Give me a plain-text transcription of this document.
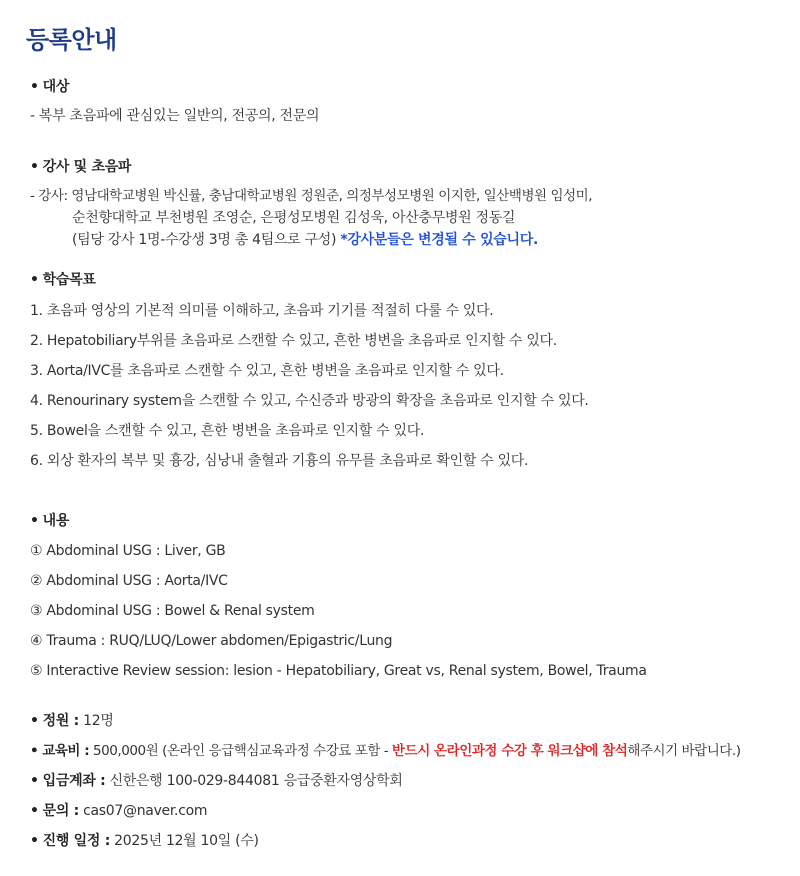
등록안내
• 대상
- 복부 초음파에 관심있는 일반의, 전공의, 전문의
• 강사 및 초음파
- 강사: 영남대학교병원 박신률, 충남대학교병원 정원준, 의정부성모병원 이지한, 일산백병원 임성미,
순천향대학교 부천병원 조영순, 은평성모병원 김성욱, 아산충무병원 정동길
(팀당 강사 1명-수강생 3명 총 4팀으로 구성) *강사분들은 변경될 수 있습니다.
• 학습목표
1. 초음파 영상의 기본적 의미를 이해하고, 초음파 기기를 적절히 다룰 수 있다.
2. Hepatobiliary부위를 초음파로 스캔할 수 있고, 흔한 병변을 초음파로 인지할 수 있다.
3. Aorta/IVC를 초음파로 스캔할 수 있고, 흔한 병변을 초음파로 인지할 수 있다.
4. Renourinary system을 스캔할 수 있고, 수신증과 방광의 확장을 초음파로 인지할 수 있다.
5. Bowel을 스캔할 수 있고, 흔한 병변을 초음파로 인지할 수 있다.
6. 외상 환자의 복부 및 흉강, 심낭내 출혈과 기흉의 유무를 초음파로 확인할 수 있다.
• 내용
① Abdominal USG : Liver, GB
② Abdominal USG : Aorta/IVC
③ Abdominal USG : Bowel & Renal system
④ Trauma : RUQ/LUQ/Lower abdomen/Epigastric/Lung
⑤ Interactive Review session: lesion - Hepatobiliary, Great vs, Renal system, Bowel, Trauma
• 정원 : 12명
• 교육비 : 500,000원 (온라인 응급핵심교육과정 수강료 포함 - 반드시 온라인과정 수강 후 워크샵에 참석해주시기 바랍니다.)
• 입금계좌 : 신한은행 100-029-844081 응급중환자영상학회
• 문의 : cas07@naver.com
• 진행 일정 : 2025년 12월 10일 (수)
